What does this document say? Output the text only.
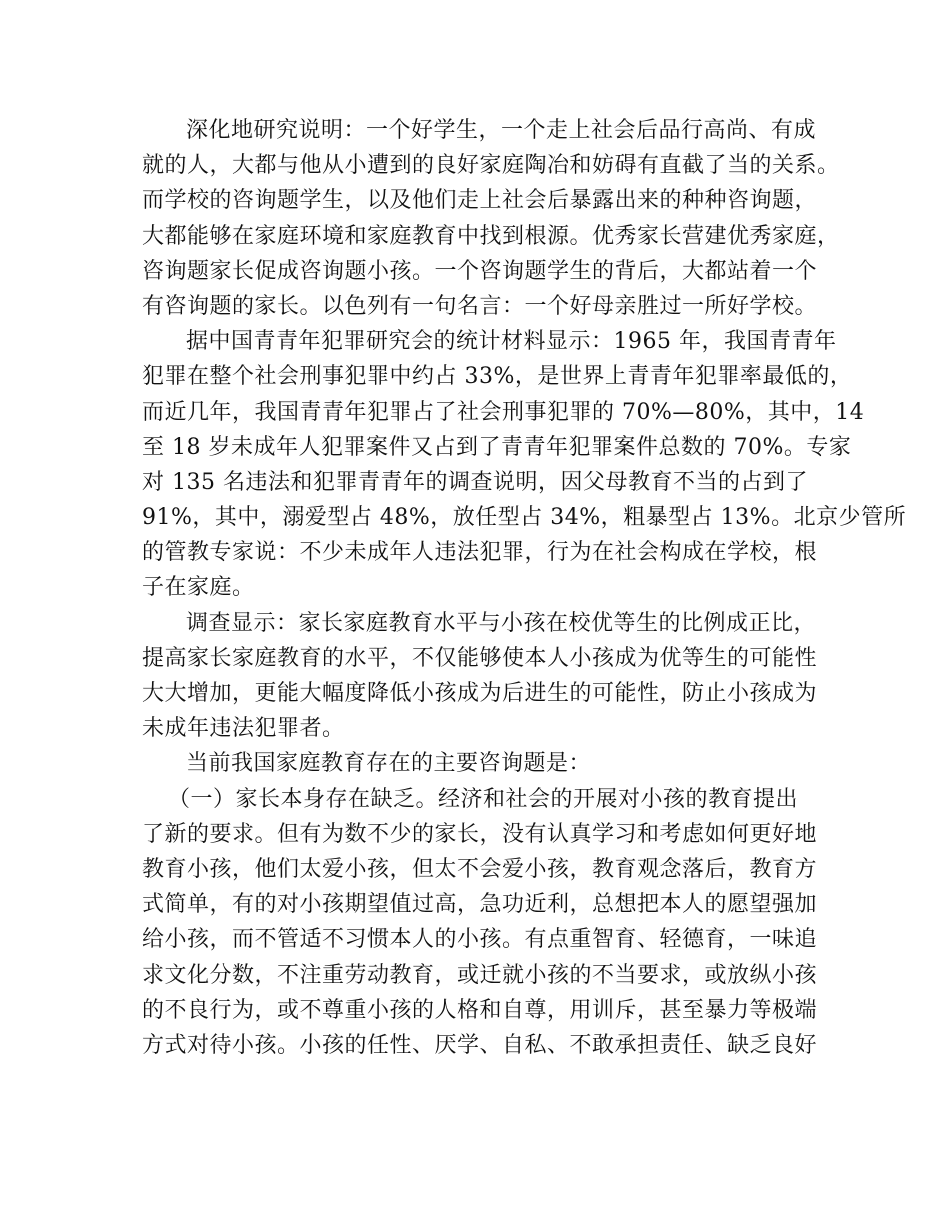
深化地研究说明：一个好学生，一个走上社会后品行高尚、有成
就的人，大都与他从小遭到的良好家庭陶冶和妨碍有直截了当的关系。
而学校的咨询题学生，以及他们走上社会后暴露出来的种种咨询题，
大都能够在家庭环境和家庭教育中找到根源。优秀家长营建优秀家庭，
咨询题家长促成咨询题小孩。一个咨询题学生的背后，大都站着一个
有咨询题的家长。以色列有一句名言：一个好母亲胜过一所好学校。
据中国青青年犯罪研究会的统计材料显示：1965 年，我国青青年
犯罪在整个社会刑事犯罪中约占 33%，是世界上青青年犯罪率最低的，
而近几年，我国青青年犯罪占了社会刑事犯罪的 70%—80%，其中，14
至 18 岁未成年人犯罪案件又占到了青青年犯罪案件总数的 70%。专家
对 135 名违法和犯罪青青年的调查说明，因父母教育不当的占到了
91%，其中，溺爱型占 48%，放任型占 34%，粗暴型占 13%。北京少管所
的管教专家说：不少未成年人违法犯罪，行为在社会构成在学校，根
子在家庭。
调查显示：家长家庭教育水平与小孩在校优等生的比例成正比，
提高家长家庭教育的水平，不仅能够使本人小孩成为优等生的可能性
大大增加，更能大幅度降低小孩成为后进生的可能性，防止小孩成为
未成年违法犯罪者。
当前我国家庭教育存在的主要咨询题是：
（一）家长本身存在缺乏。经济和社会的开展对小孩的教育提出
了新的要求。但有为数不少的家长，没有认真学习和考虑如何更好地
教育小孩，他们太爱小孩，但太不会爱小孩，教育观念落后，教育方
式简单，有的对小孩期望值过高，急功近利，总想把本人的愿望强加
给小孩，而不管适不习惯本人的小孩。有点重智育、轻德育，一味追
求文化分数，不注重劳动教育，或迁就小孩的不当要求，或放纵小孩
的不良行为，或不尊重小孩的人格和自尊，用训斥，甚至暴力等极端
方式对待小孩。小孩的任性、厌学、自私、不敢承担责任、缺乏良好
